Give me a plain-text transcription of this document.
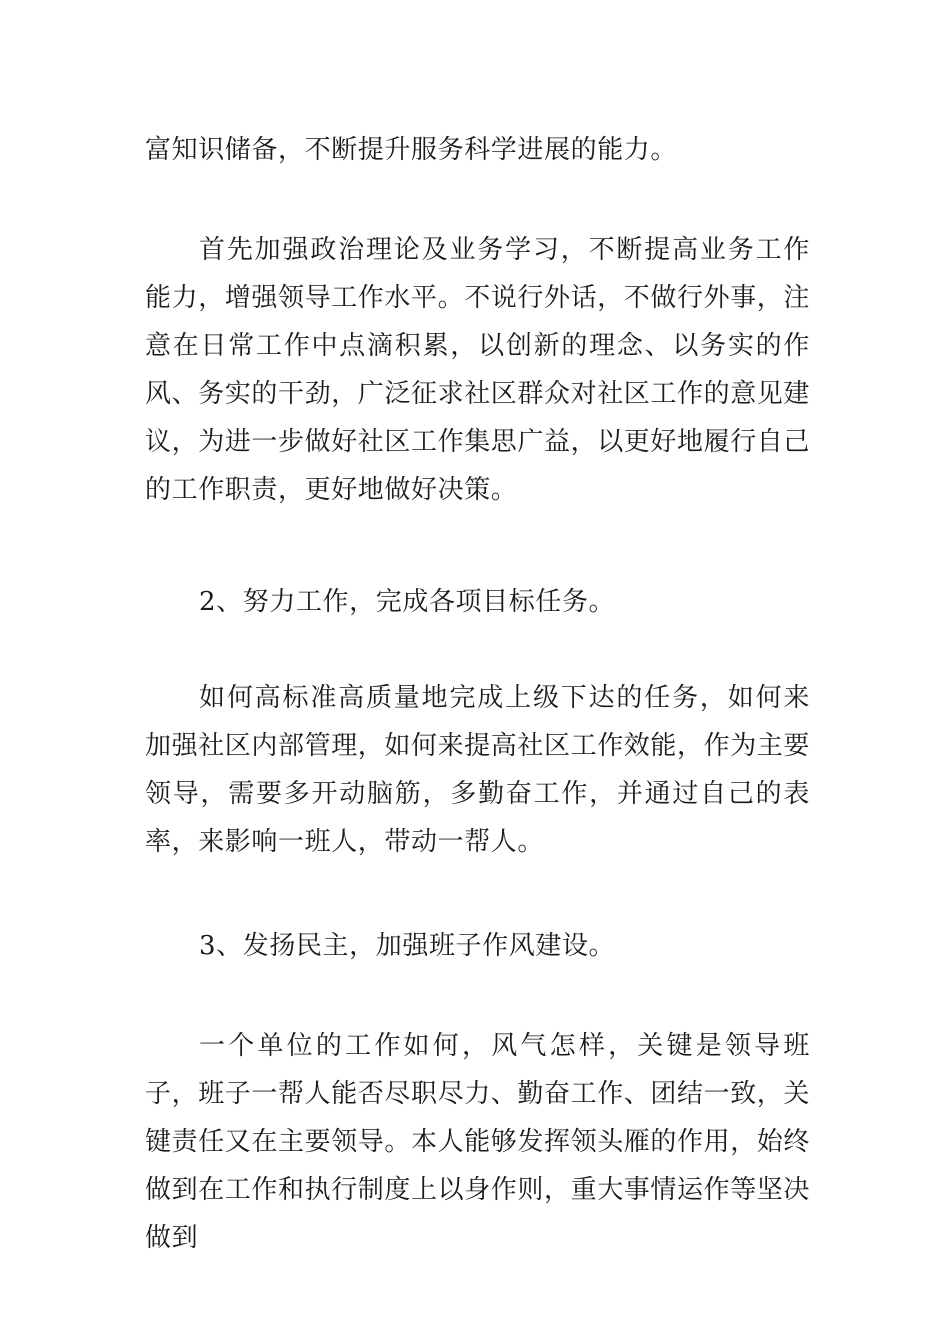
富知识储备，不断提升服务科学进展的能力。

首先加强政治理论及业务学习，不断提高业务工作能力，增强领导工作水平。不说行外话，不做行外事，注意在日常工作中点滴积累，以创新的理念、以务实的作风、务实的干劲，广泛征求社区群众对社区工作的意见建议，为进一步做好社区工作集思广益，以更好地履行自己的工作职责，更好地做好决策。

2、努力工作，完成各项目标任务。

如何高标准高质量地完成上级下达的任务，如何来加强社区内部管理，如何来提高社区工作效能，作为主要领导，需要多开动脑筋，多勤奋工作，并通过自己的表率，来影响一班人，带动一帮人。

3、发扬民主，加强班子作风建设。

一个单位的工作如何，风气怎样，关键是领导班子，班子一帮人能否尽职尽力、勤奋工作、团结一致，关键责任又在主要领导。本人能够发挥领头雁的作用，始终做到在工作和执行制度上以身作则，重大事情运作等坚决做到
